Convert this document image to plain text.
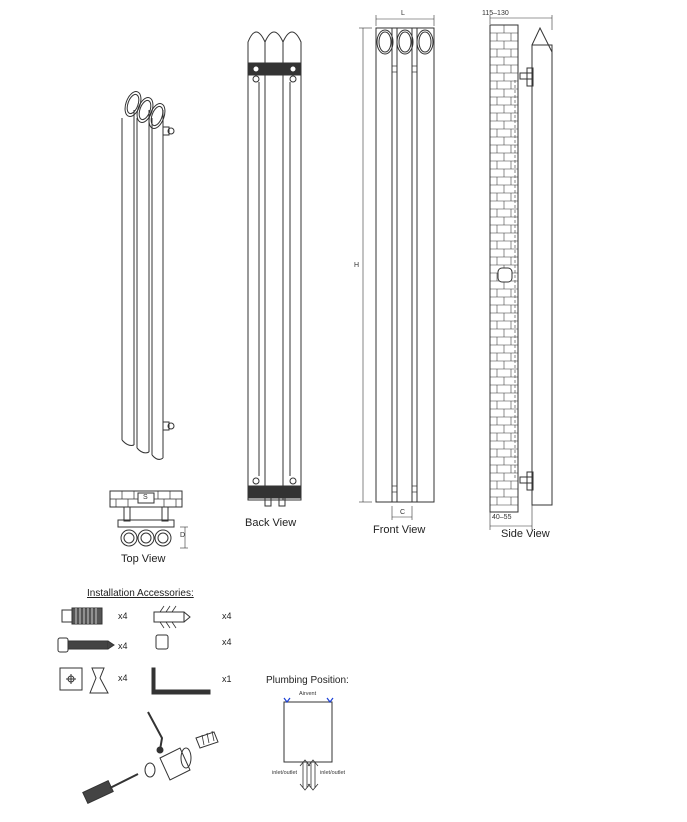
Top View
Back View
Front View	Side View
L
H
C
D
S
115–130
40–55
Installation Accessories:
x4	x4
x4	x4
x4	x1	Plumbing Position:
Airvent
inlet/outlet	inlet/outlet
